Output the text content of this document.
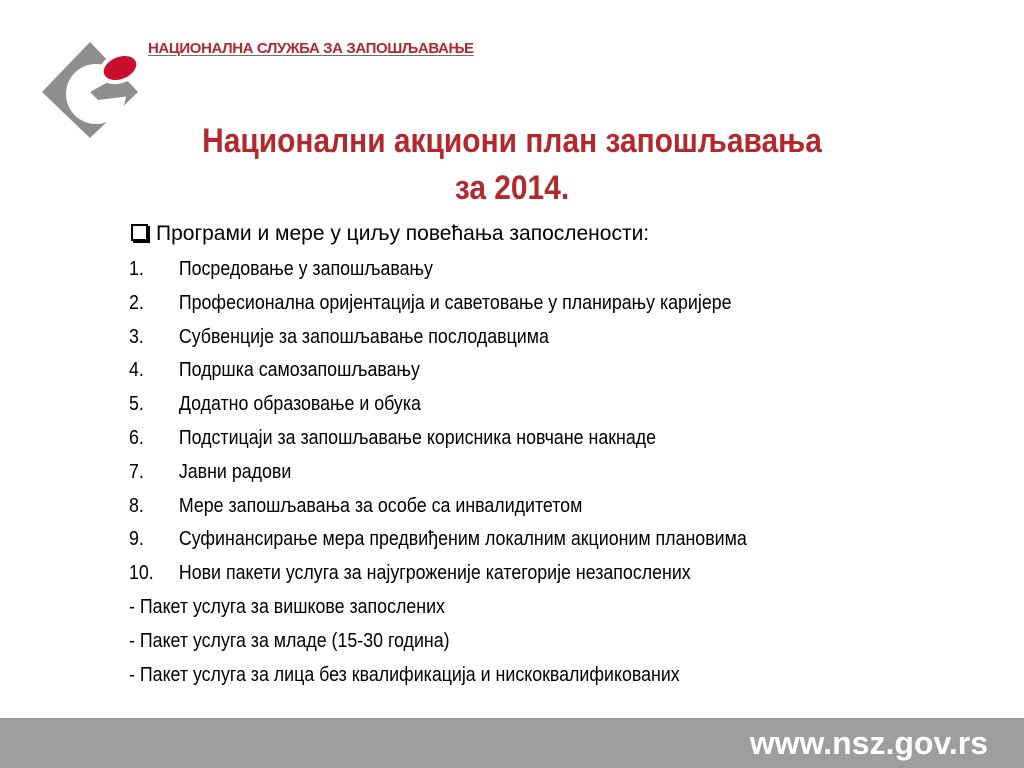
НАЦИОНАЛНА СЛУЖБА ЗА ЗАПОШЉАВАЊЕ
Национални акциони план запошљавања
за 2014.
Програми и мере у циљу повећања запослености:
1. Посредовање у запошљавању
2. Професионална оријентација и саветовање у планирању каријере
3. Субвенције за запошљавање послодавцима
4. Подршка самозапошљавању
5. Додатно образовање и обука
6. Подстицаји за запошљавање корисника новчане накнаде
7. Јавни радови
8. Мере запошљавања за особе са инвалидитетом
9. Суфинансирање мера предвиђеним локалним акционим плановима
10. Нови пакети услуга за најугроженије категорије незапослених
- Пакет услуга за вишкове запослених
- Пакет услуга за младе (15-30 година)
- Пакет услуга за лица без квалификација и нискоквалификованих
www.nsz.gov.rs
